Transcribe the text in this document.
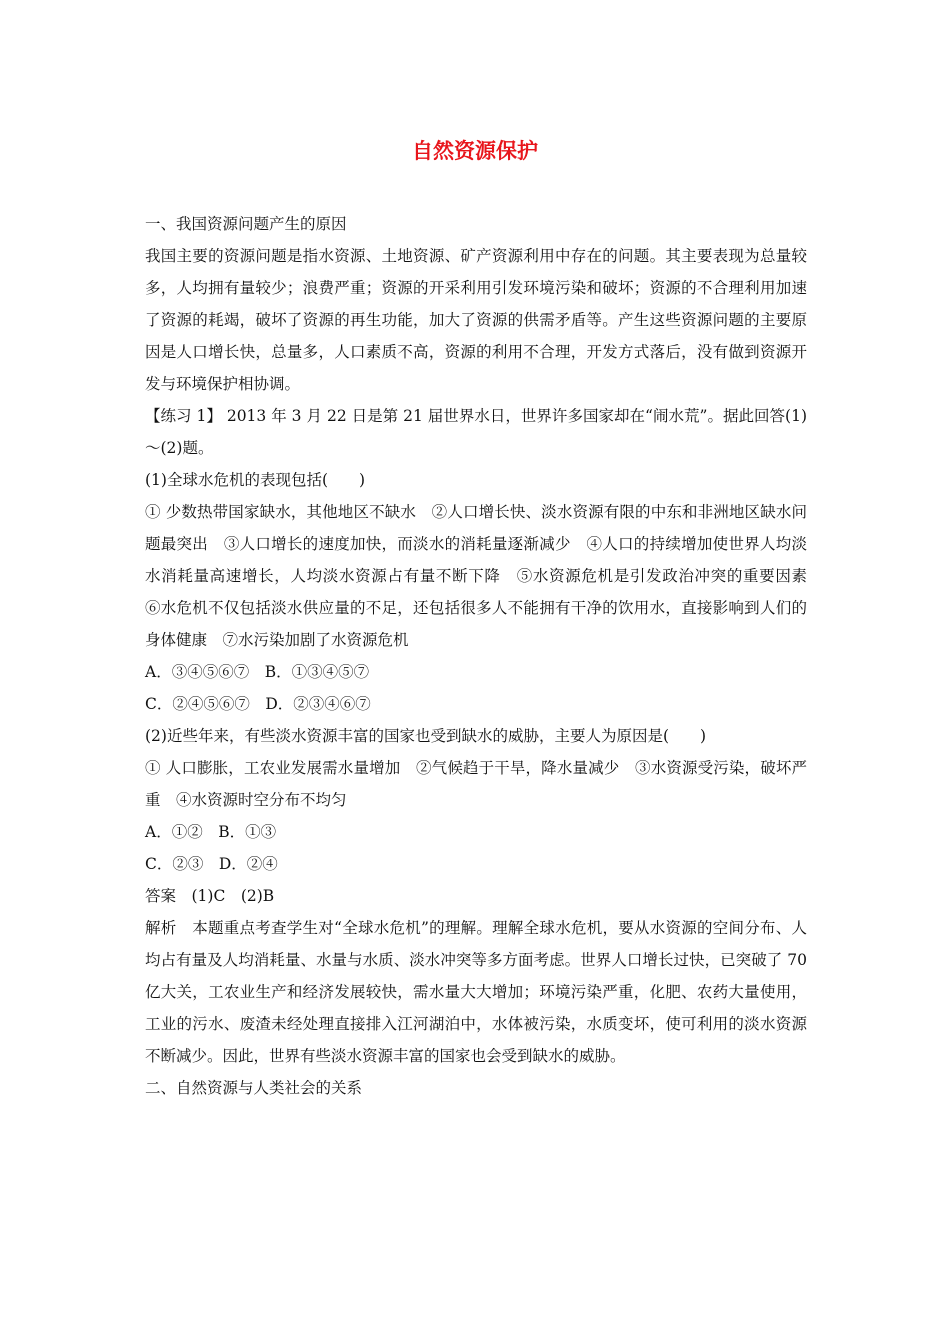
自然资源保护

一、我国资源问题产生的原因

我国主要的资源问题是指水资源、土地资源、矿产资源利用中存在的问题。其主要表现为总量较多，人均拥有量较少；浪费严重；资源的开采利用引发环境污染和破坏；资源的不合理利用加速了资源的耗竭，破坏了资源的再生功能，加大了资源的供需矛盾等。产生这些资源问题的主要原因是人口增长快，总量多，人口素质不高，资源的利用不合理，开发方式落后，没有做到资源开发与环境保护相协调。

【练习 1】 2013 年 3 月 22 日是第 21 届世界水日，世界许多国家却在“闹水荒”。据此回答(1)～(2)题。

(1)全球水危机的表现包括(　　)

① 少数热带国家缺水，其他地区不缺水　②人口增长快、淡水资源有限的中东和非洲地区缺水问题最突出　③人口增长的速度加快，而淡水的消耗量逐渐减少　④人口的持续增加使世界人均淡水消耗量高速增长，人均淡水资源占有量不断下降　⑤水资源危机是引发政治冲突的重要因素　⑥水危机不仅包括淡水供应量的不足，还包括很多人不能拥有干净的饮用水，直接影响到人们的身体健康　⑦水污染加剧了水资源危机

A．③④⑤⑥⑦　B．①③④⑤⑦

C．②④⑤⑥⑦　D．②③④⑥⑦

(2)近些年来，有些淡水资源丰富的国家也受到缺水的威胁，主要人为原因是(　　)

① 人口膨胀，工农业发展需水量增加　②气候趋于干旱，降水量减少　③水资源受污染，破坏严重　④水资源时空分布不均匀

A．①②　B．①③

C．②③　D．②④

答案　(1)C　(2)B

解析　本题重点考查学生对“全球水危机”的理解。理解全球水危机，要从水资源的空间分布、人均占有量及人均消耗量、水量与水质、淡水冲突等多方面考虑。世界人口增长过快，已突破了 70 亿大关，工农业生产和经济发展较快，需水量大大增加；环境污染严重，化肥、农药大量使用，工业的污水、废渣未经处理直接排入江河湖泊中，水体被污染，水质变坏，使可利用的淡水资源不断减少。因此，世界有些淡水资源丰富的国家也会受到缺水的威胁。

二、自然资源与人类社会的关系
